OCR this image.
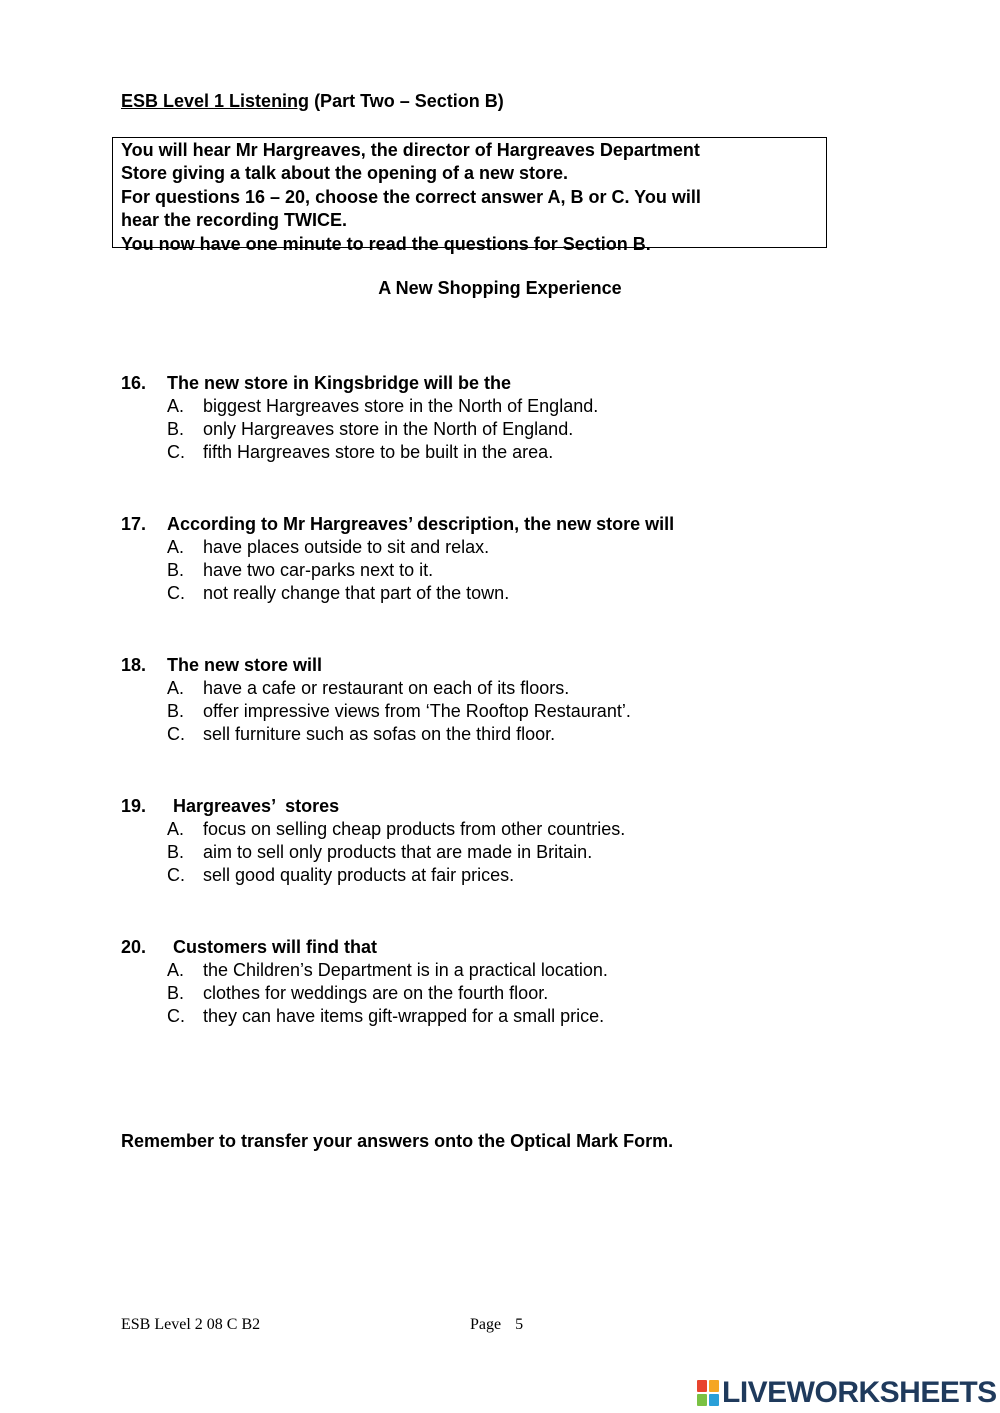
ESB Level 1 Listening (Part Two – Section B)
You will hear Mr Hargreaves, the director of Hargreaves Department
Store giving a talk about the opening of a new store.
For questions 16 – 20, choose the correct answer A, B or C. You will
hear the recording TWICE.
You now have one minute to read the questions for Section B.
A New Shopping Experience
16. The new store in Kingsbridge will be the
A. biggest Hargreaves store in the North of England.
B. only Hargreaves store in the North of England.
C. fifth Hargreaves store to be built in the area.
17. According to Mr Hargreaves’ description, the new store will
A. have places outside to sit and relax.
B. have two car-parks next to it.
C. not really change that part of the town.
18. The new store will
A. have a cafe or restaurant on each of its floors.
B. offer impressive views from ‘The Rooftop Restaurant’.
C. sell furniture such as sofas on the third floor.
19. Hargreaves’  stores
A. focus on selling cheap products from other countries.
B. aim to sell only products that are made in Britain.
C. sell good quality products at fair prices.
20. Customers will find that
A. the Children’s Department is in a practical location.
B. clothes for weddings are on the fourth floor.
C. they can have items gift-wrapped for a small price.
Remember to transfer your answers onto the Optical Mark Form.
ESB Level 2 08 C B2	Page 5
LIVEWORKSHEETS
